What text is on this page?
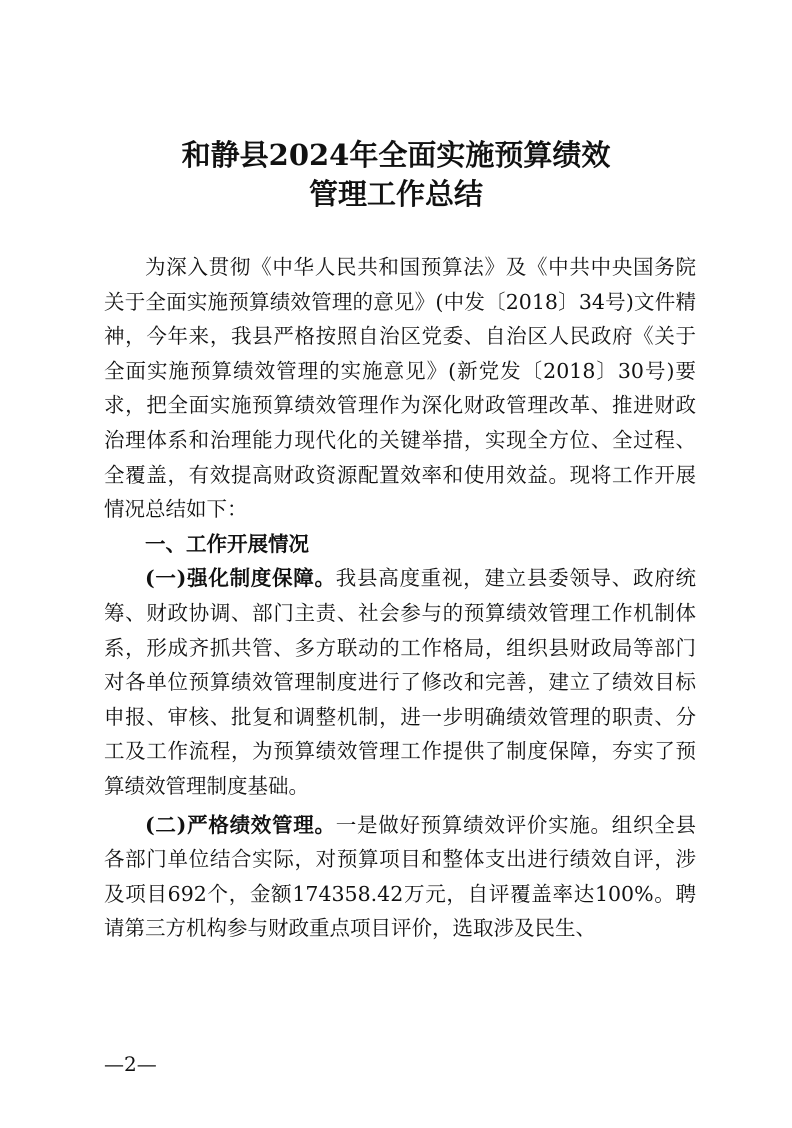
和静县2024年全面实施预算绩效
管理工作总结

为深入贯彻《中华人民共和国预算法》及《中共中央国务院关于全面实施预算绩效管理的意见》(中发〔2018〕34号)文件精神，今年来，我县严格按照自治区党委、自治区人民政府《关于全面实施预算绩效管理的实施意见》(新党发〔2018〕30号)要求，把全面实施预算绩效管理作为深化财政管理改革、推进财政治理体系和治理能力现代化的关键举措，实现全方位、全过程、全覆盖，有效提高财政资源配置效率和使用效益。现将工作开展情况总结如下：

一、工作开展情况

(一)强化制度保障。我县高度重视，建立县委领导、政府统筹、财政协调、部门主责、社会参与的预算绩效管理工作机制体系，形成齐抓共管、多方联动的工作格局，组织县财政局等部门对各单位预算绩效管理制度进行了修改和完善，建立了绩效目标申报、审核、批复和调整机制，进一步明确绩效管理的职责、分工及工作流程，为预算绩效管理工作提供了制度保障，夯实了预算绩效管理制度基础。

(二)严格绩效管理。一是做好预算绩效评价实施。组织全县各部门单位结合实际，对预算项目和整体支出进行绩效自评，涉及项目692个，金额174358.42万元，自评覆盖率达100%。聘请第三方机构参与财政重点项目评价，选取涉及民生、

—2—
